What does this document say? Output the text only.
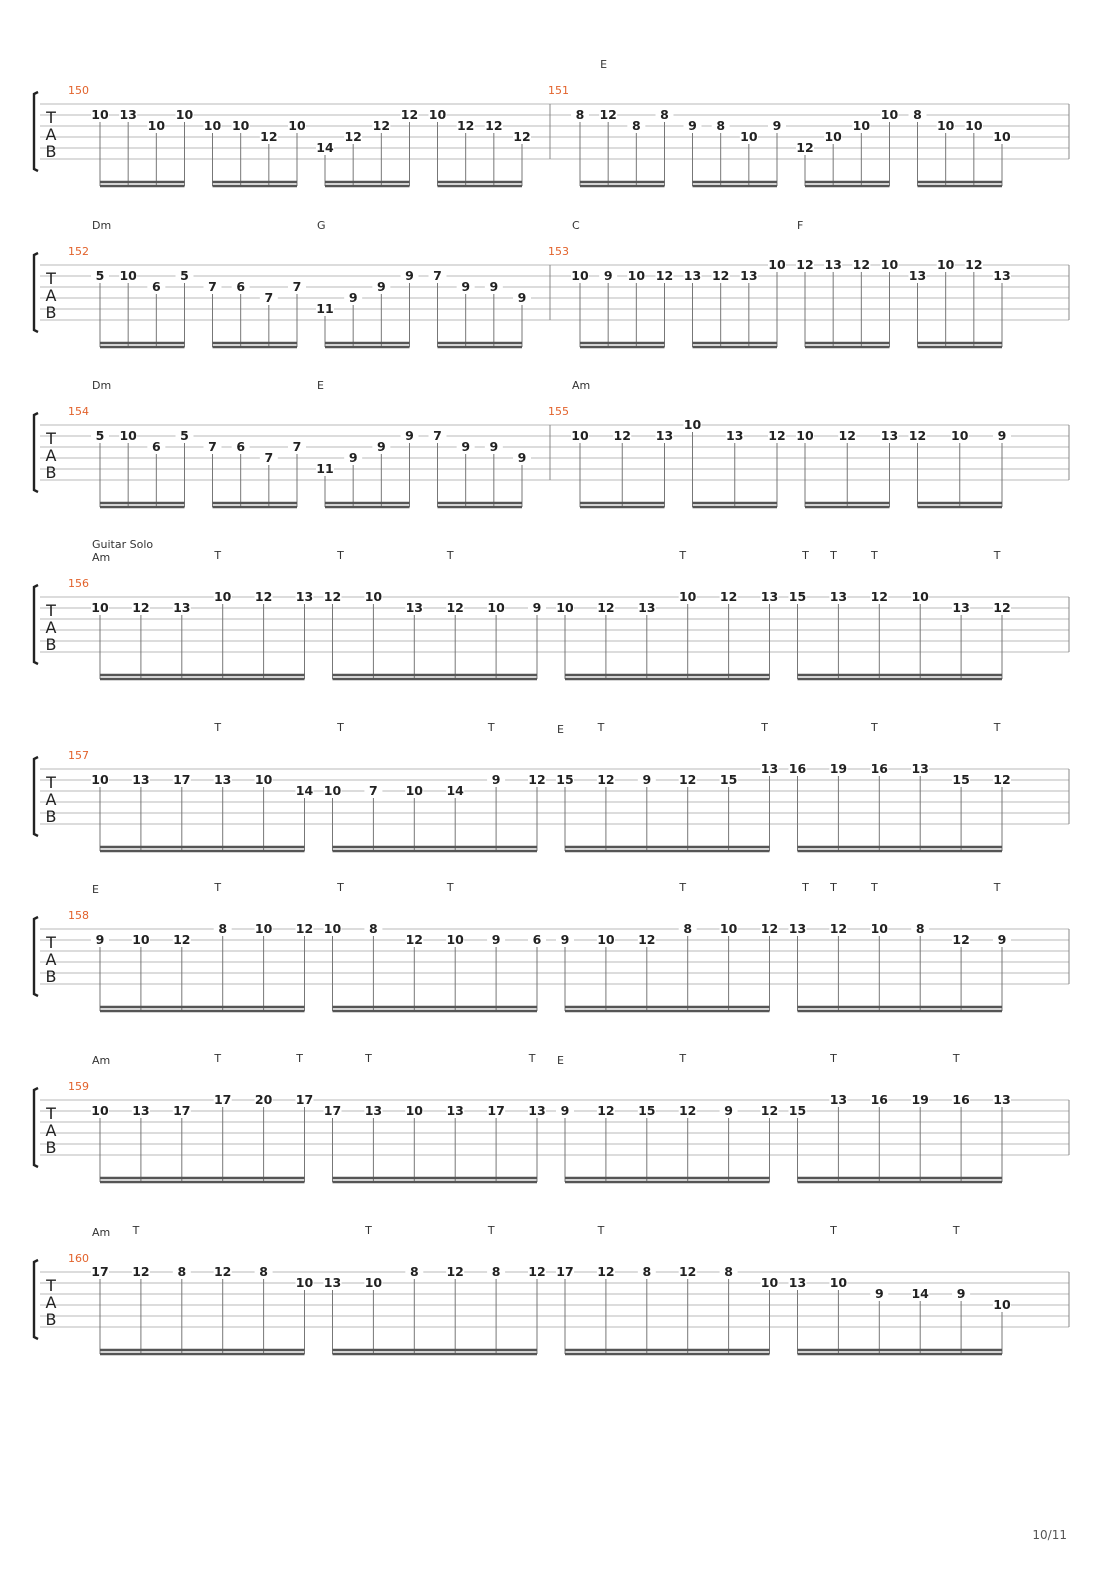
T
A
B
150
10 13
10
10
10 10
12
10
14
12
12
12 10
12 12
12
151
8 12
8
8
9 8
10
9
12
10
10
10 8
10 10
10
E
T
A
B
152
5 10
6
5
7 6
7
7
11
9
9
9 7
9 9
9
153
10 9 10 12 13 12 13
10 12 13 12 10
13
10 12
13
Dm	G	C	F
T
A
B
154
5 10
6
5
7 6
7
7
11
9
9
9 7
9 9
9
155
10 12 13
10
13 12 10 12 13 12 10 9
Dm	E	Am
T
A
B
156
10 12 13
10 12 13 12 10
13 12 10 9 10 12 13
10 12 13 15 13 12 10
13 12
Am	T	T	T	T	T T	T	T
Guitar Solo
T
A
B
157
10 13 17 13 10
14 10 7 10 14
9 12 15 12 9 12 15
13 16 19 16 13
15 12
E
T	T	T	T	T	T	T
T
A
B
158
9 10 12
8 10 12 10 8
12 10 9	6 9 10 12
8 10 12 13 12 10 8
12 9
E	T	T	T	T	T T	T	T
T
A
B
159
10 13 17
17 20 17
17 13 10 13 17 13 9 12 15 12 9 12 15
13 16 19 16 13
Am	E
T	T	T	T	T	T	T
T
A
B
160
17 12 8 12 8
10 13 10
8 12 8 12 17 12 8 12 8
10 13 10
9 14 9
10
Am T	T	T	T	T	T
10/11
